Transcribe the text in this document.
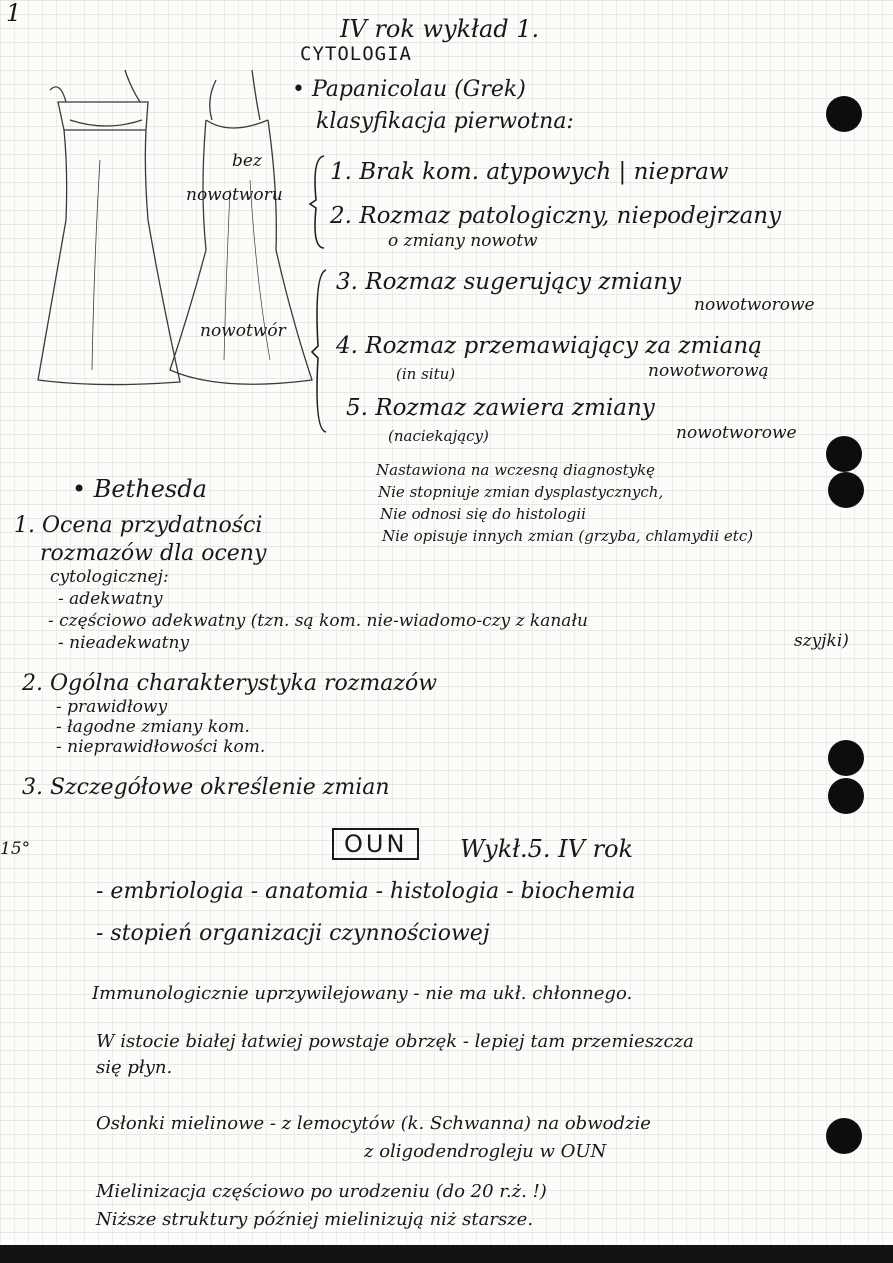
1
bez
nowotworu
nowotwór
IV rok wykład 1.
CYTOLOGIA
• Papanicolau (Grek)
klasyfikacja pierwotna:
1. Brak kom. atypowych | niepraw
2. Rozmaz patologiczny, niepodejrzany
o zmiany nowotw
3. Rozmaz sugerujący zmiany
nowotworowe
4. Rozmaz przemawiający za zmianą
(in situ)	nowotworową
5. Rozmaz zawiera zmiany
(naciekający)	nowotworowe
Nastawiona na wczesną diagnostykę
Nie stopniuje zmian dysplastycznych,
Nie odnosi się do histologii
Nie opisuje innych zmian (grzyba, chlamydii etc)
• Bethesda
1. Ocena przydatności
rozmazów dla oceny
cytologicznej:
- adekwatny
- częściowo adekwatny (tzn. są kom. nie-wiadomo-czy z kanału
szyjki)
- nieadekwatny
2. Ogólna charakterystyka rozmazów
- prawidłowy
- łagodne zmiany kom.
- nieprawidłowości kom.
3. Szczegółowe określenie zmian
15°	OUN	Wykł.5. IV rok
- embriologia - anatomia - histologia - biochemia
- stopień organizacji czynnościowej
Immunologicznie uprzywilejowany - nie ma ukł. chłonnego.
W istocie białej łatwiej powstaje obrzęk - lepiej tam przemieszcza
się płyn.
Osłonki mielinowe - z lemocytów (k. Schwanna) na obwodzie
z oligodendrogleju w OUN
Mielinizacja częściowo po urodzeniu (do 20 r.ż. !)
Niższe struktury później mielinizują niż starsze.
